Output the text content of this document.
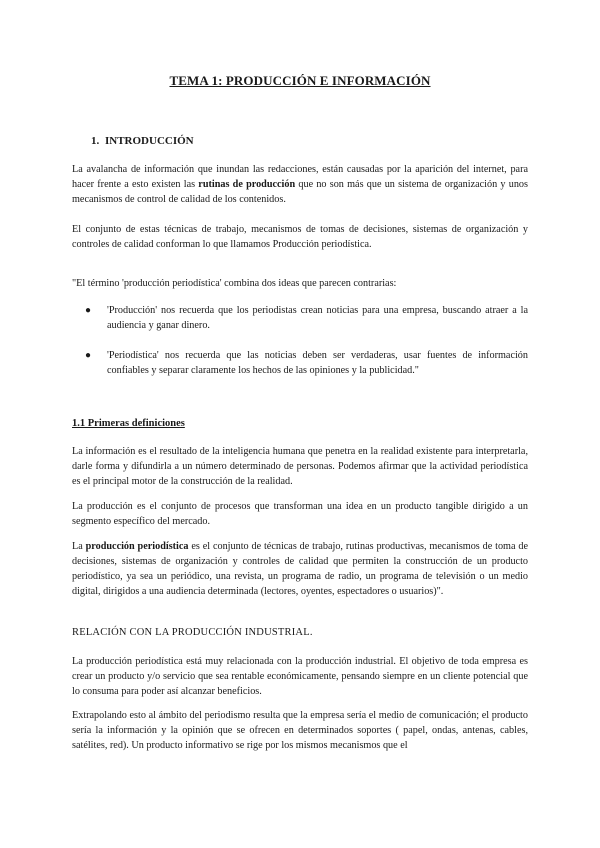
TEMA 1: PRODUCCIÓN E INFORMACIÓN
1. INTRODUCCIÓN

La avalancha de información que inundan las redacciones, están causadas por la aparición del internet, para hacer frente a esto existen las rutinas de producción que no son más que un sistema de organización y unos mecanismos de control de calidad de los contenidos.

El conjunto de estas técnicas de trabajo, mecanismos de tomas de decisiones, sistemas de organización y controles de calidad conforman lo que llamamos Producción periodística.

"El término 'producción periodística' combina dos ideas que parecen contrarias:

● 'Producción' nos recuerda que los periodistas crean noticias para una empresa, buscando atraer a la audiencia y ganar dinero.
● 'Periodística' nos recuerda que las noticias deben ser verdaderas, usar fuentes de información confiables y separar claramente los hechos de las opiniones y la publicidad."
1.1 Primeras definiciones

La información es el resultado de la inteligencia humana que penetra en la realidad existente para interpretarla, darle forma y difundirla a un número determinado de personas. Podemos afirmar que la actividad periodística es el principal motor de la construcción de la realidad.

La producción es el conjunto de procesos que transforman una idea en un producto tangible dirigido a un segmento específico del mercado.

La producción periodística es el conjunto de técnicas de trabajo, rutinas productivas, mecanismos de toma de decisiones, sistemas de organización y controles de calidad que permiten la construcción de un producto periodístico, ya sea un periódico, una revista, un programa de radio, un programa de televisión o un medio digital, dirigidos a una audiencia determinada (lectores, oyentes, espectadores o usuarios)".

RELACIÓN CON LA PRODUCCIÓN INDUSTRIAL.

La producción periodística está muy relacionada con la producción industrial. El objetivo de toda empresa es crear un producto y/o servicio que sea rentable económicamente, pensando siempre en un cliente potencial que lo consuma para poder así alcanzar beneficios.

Extrapolando esto al ámbito del periodismo resulta que la empresa sería el medio de comunicación; el producto sería la información y la opinión que se ofrecen en determinados soportes ( papel, ondas, antenas, cables, satélites, red). Un producto informativo se rige por los mismos mecanismos que el
